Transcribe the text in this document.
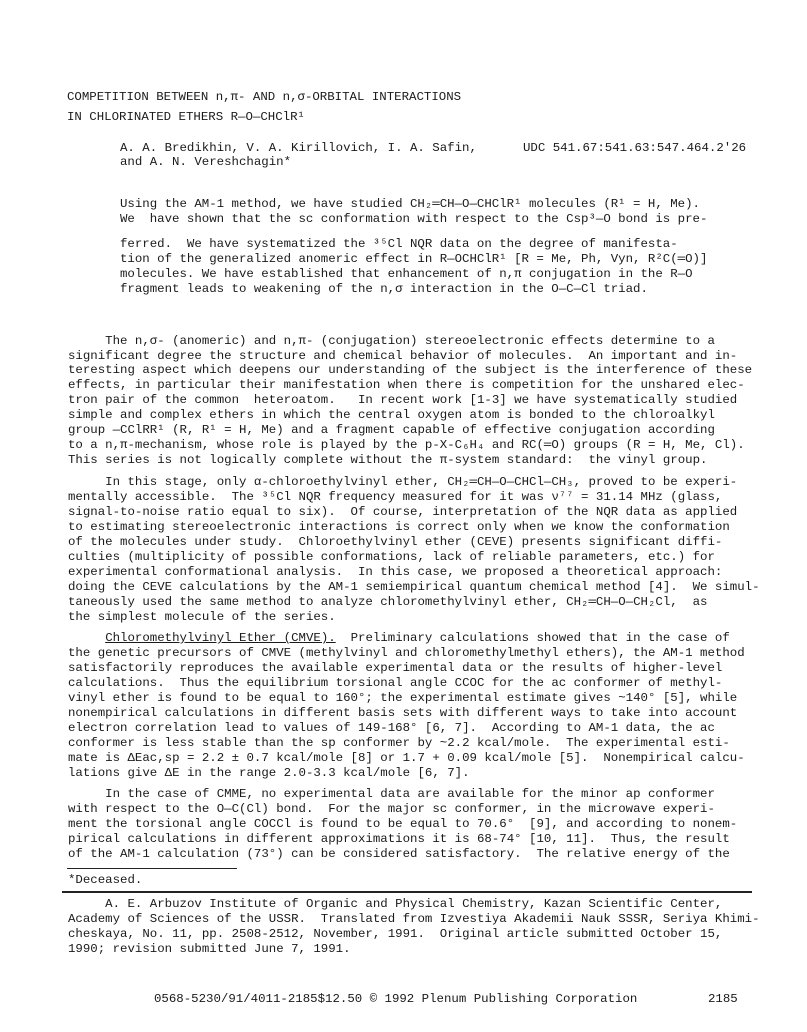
COMPETITION BETWEEN n,π- AND n,σ-ORBITAL INTERACTIONS
IN CHLORINATED ETHERS R—O—CHClR¹
A. A. Bredikhin, V. A. Kirillovich, I. A. Safin,
and A. N. Vereshchagin*
UDC 541.67:541.63:547.464.2'26
Using the AM-1 method, we have studied CH₂═CH—O—CHClR¹ molecules (R¹ = H, Me).
We  have shown that the sc conformation with respect to the Csp³—O bond is pre-
ferred.  We have systematized the ³⁵Cl NQR data on the degree of manifesta-
tion of the generalized anomeric effect in R—OCHClR¹ [R = Me, Ph, Vyn, R²C(═O)]
molecules. We have established that enhancement of n,π conjugation in the R—O
fragment leads to weakening of the n,σ interaction in the O—C—Cl triad.
The n,σ- (anomeric) and n,π- (conjugation) stereoelectronic effects determine to a
significant degree the structure and chemical behavior of molecules.  An important and in-
teresting aspect which deepens our understanding of the subject is the interference of these
effects, in particular their manifestation when there is competition for the unshared elec-
tron pair of the common  heteroatom.   In recent work [1-3] we have systematically studied
simple and complex ethers in which the central oxygen atom is bonded to the chloroalkyl
group —CClRR¹ (R, R¹ = H, Me) and a fragment capable of effective conjugation according
to a n,π-mechanism, whose role is played by the p-X-C₆H₄ and RC(═O) groups (R = H, Me, Cl).
This series is not logically complete without the π-system standard:  the vinyl group.
In this stage, only α-chloroethylvinyl ether, CH₂═CH—O—CHCl—CH₃, proved to be experi-
mentally accessible.  The ³⁵Cl NQR frequency measured for it was ν⁷⁷ = 31.14 MHz (glass,
signal-to-noise ratio equal to six).  Of course, interpretation of the NQR data as applied
to estimating stereoelectronic interactions is correct only when we know the conformation
of the molecules under study.  Chloroethylvinyl ether (CEVE) presents significant diffi-
culties (multiplicity of possible conformations, lack of reliable parameters, etc.) for
experimental conformational analysis.  In this case, we proposed a theoretical approach:
doing the CEVE calculations by the AM-1 semiempirical quantum chemical method [4].  We simul-
taneously used the same method to analyze chloromethylvinyl ether, CH₂═CH—O—CH₂Cl,  as
the simplest molecule of the series.
Chloromethylvinyl Ether (CMVE).  Preliminary calculations showed that in the case of
the genetic precursors of CMVE (methylvinyl and chloromethylmethyl ethers), the AM-1 method
satisfactorily reproduces the available experimental data or the results of higher-level
calculations.  Thus the equilibrium torsional angle CCOC for the ac conformer of methyl-
vinyl ether is found to be equal to 160°; the experimental estimate gives ~140° [5], while
nonempirical calculations in different basis sets with different ways to take into account
electron correlation lead to values of 149-168° [6, 7].  According to AM-1 data, the ac
conformer is less stable than the sp conformer by ~2.2 kcal/mole.  The experimental esti-
mate is ΔEac,sp = 2.2 ± 0.7 kcal/mole [8] or 1.7 + 0.09 kcal/mole [5].  Nonempirical calcu-
lations give ΔE in the range 2.0-3.3 kcal/mole [6, 7].
In the case of CMME, no experimental data are available for the minor ap conformer
with respect to the O—C(Cl) bond.  For the major sc conformer, in the microwave experi-
ment the torsional angle COCCl is found to be equal to 70.6°  [9], and according to nonem-
pirical calculations in different approximations it is 68-74° [10, 11].  Thus, the result
of the AM-1 calculation (73°) can be considered satisfactory.  The relative energy of the
*Deceased.
A. E. Arbuzov Institute of Organic and Physical Chemistry, Kazan Scientific Center,
Academy of Sciences of the USSR.  Translated from Izvestiya Akademii Nauk SSSR, Seriya Khimi-
cheskaya, No. 11, pp. 2508-2512, November, 1991.  Original article submitted October 15,
1990; revision submitted June 7, 1991.
0568-5230/91/4011-2185$12.50 © 1992 Plenum Publishing Corporation	2185
